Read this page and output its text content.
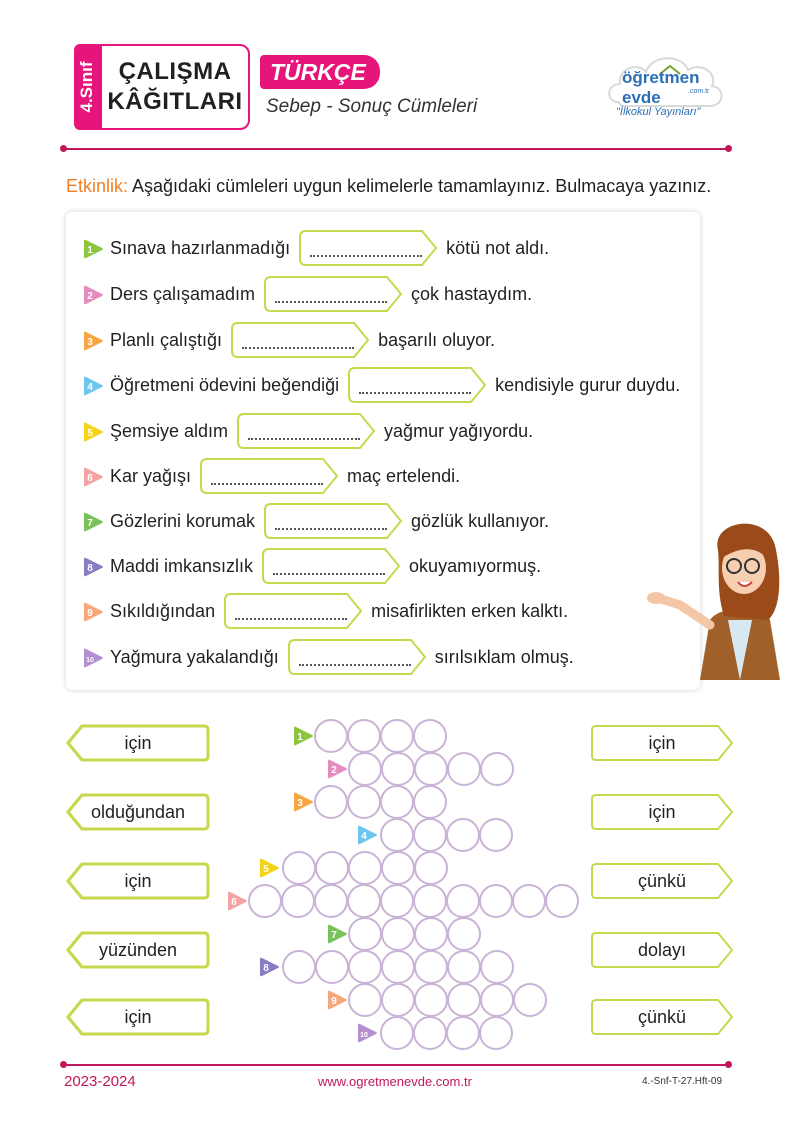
4.Sınıf ÇALIŞMA
KÂĞITLARI
TÜRKÇE
Sebep - Sonuç Cümleleri
öğretmen evde	.com.tr
"İlkokul Yayınları"
Etkinlik: Aşağıdaki cümleleri uygun kelimelerle tamamlayınız. Bulmacaya yazınız.
1 Sınava hazırlanmadığı	kötü not aldı.
2 Ders çalışamadım	çok hastaydım.
3 Planlı çalıştığı	başarılı oluyor.
4 Öğretmeni ödevini beğendiği	kendisiyle gurur duydu.
5 Şemsiye aldım	yağmur yağıyordu.
6 Kar yağışı	maç ertelendi.
7 Gözlerini korumak	gözlük kullanıyor.
8 Maddi imkansızlık	okuyamıyormuş.
9 Sıkıldığından	misafirlikten erken kalktı.
10 Yağmura yakalandığı	sırılsıklam olmuş.
için
olduğundan
için
yüzünden
için
için
için
çünkü
dolayı
çünkü
1
2
3
4
5
6
7
8
9
10
2023-2024	www.ogretmenevde.com.tr	4.-Snf-T-27.Hft-09
